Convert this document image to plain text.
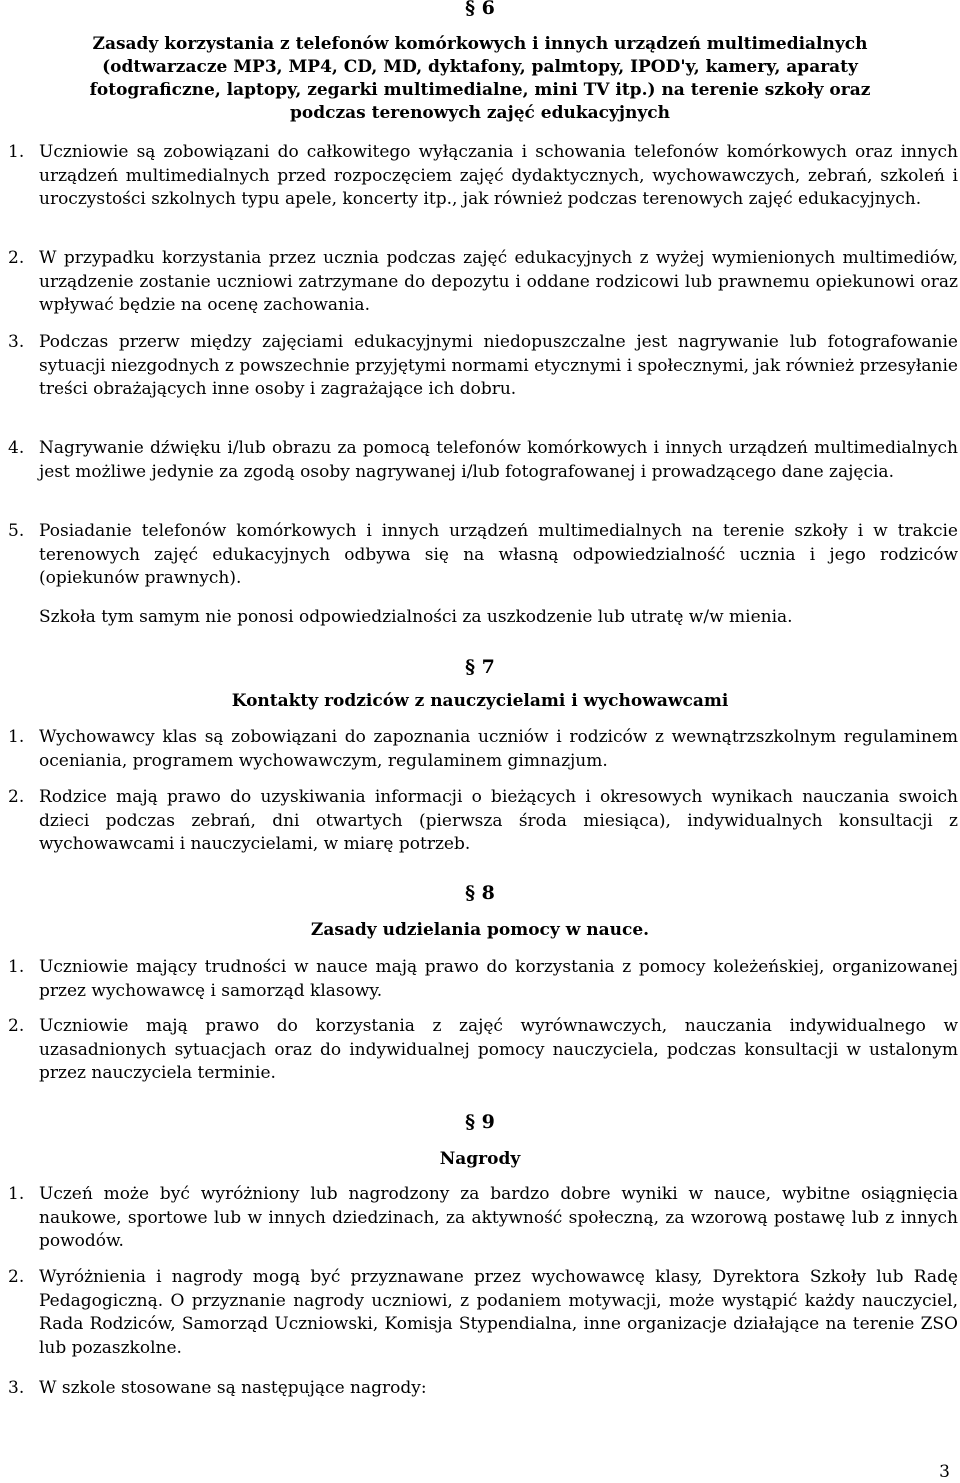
§ 6
Zasady korzystania z telefonów komórkowych i innych urządzeń multimedialnych
(odtwarzacze MP3, MP4, CD, MD, dyktafony, palmtopy, IPOD'y, kamery, aparaty
fotograficzne, laptopy, zegarki multimedialne, mini TV itp.) na terenie szkoły oraz
podczas terenowych zajęć edukacyjnych
1. Uczniowie są zobowiązani do całkowitego wyłączania i schowania telefonów komórkowych oraz innych urządzeń multimedialnych przed rozpoczęciem zajęć dydaktycznych, wychowawczych, zebrań, szkoleń i uroczystości szkolnych typu apele, koncerty itp., jak również podczas terenowych zajęć edukacyjnych.
2. W przypadku korzystania przez ucznia podczas zajęć edukacyjnych z wyżej wymienionych multimediów, urządzenie zostanie uczniowi zatrzymane do depozytu i oddane rodzicowi lub prawnemu opiekunowi oraz wpływać będzie na ocenę zachowania.
3. Podczas przerw między zajęciami edukacyjnymi niedopuszczalne jest nagrywanie lub fotografowanie sytuacji niezgodnych z powszechnie przyjętymi normami etycznymi i społecznymi, jak również przesyłanie treści obrażających inne osoby i zagrażające ich dobru.
4. Nagrywanie dźwięku i/lub obrazu za pomocą telefonów komórkowych i innych urządzeń multimedialnych jest możliwe jedynie za zgodą osoby nagrywanej i/lub fotografowanej i prowadzącego dane zajęcia.
5. Posiadanie telefonów komórkowych i innych urządzeń multimedialnych na terenie szkoły i w trakcie terenowych zajęć edukacyjnych odbywa się na własną odpowiedzialność ucznia i jego rodziców (opiekunów prawnych).
Szkoła tym samym nie ponosi odpowiedzialności za uszkodzenie lub utratę w/w mienia.
§ 7
Kontakty rodziców z nauczycielami i wychowawcami
1. Wychowawcy klas są zobowiązani do zapoznania uczniów i rodziców z wewnątrzszkolnym regulaminem oceniania, programem wychowawczym, regulaminem gimnazjum.
2. Rodzice mają prawo do uzyskiwania informacji o bieżących i okresowych wynikach nauczania swoich dzieci podczas zebrań, dni otwartych (pierwsza środa miesiąca), indywidualnych konsultacji z wychowawcami i nauczycielami, w miarę potrzeb.
§ 8
Zasady udzielania pomocy w nauce.
1. Uczniowie mający trudności w nauce mają prawo do korzystania z pomocy koleżeńskiej, organizowanej przez wychowawcę i samorząd klasowy.
2. Uczniowie mają prawo do korzystania z zajęć wyrównawczych, nauczania indywidualnego w uzasadnionych sytuacjach oraz do indywidualnej pomocy nauczyciela, podczas konsultacji w ustalonym przez nauczyciela terminie.
§ 9
Nagrody
1. Uczeń może być wyróżniony lub nagrodzony za bardzo dobre wyniki w nauce, wybitne osiągnięcia naukowe, sportowe lub w innych dziedzinach, za aktywność społeczną, za wzorową postawę lub z innych powodów.
2. Wyróżnienia i nagrody mogą być przyznawane przez wychowawcę klasy, Dyrektora Szkoły lub Radę Pedagogiczną. O przyznanie nagrody uczniowi, z podaniem motywacji, może wystąpić każdy nauczyciel, Rada Rodziców, Samorząd Uczniowski, Komisja Stypendialna, inne organizacje działające na terenie ZSO lub pozaszkolne.
3. W szkole stosowane są następujące nagrody:
3
